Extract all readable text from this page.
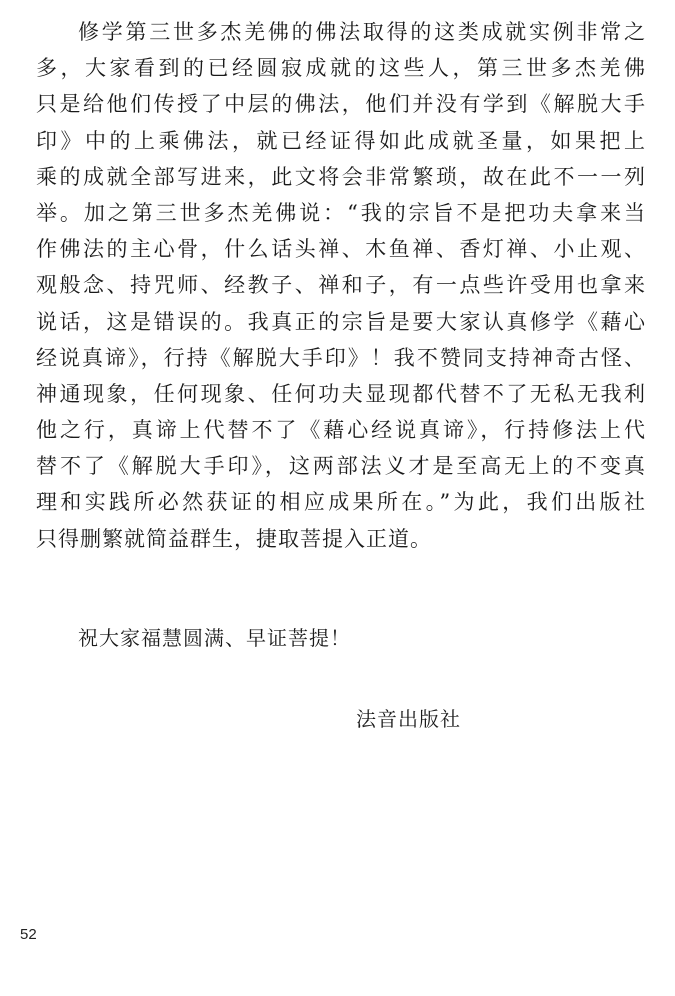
修学第三世多杰羌佛的佛法取得的这类成就实例非常之
多，大家看到的已经圆寂成就的这些人，第三世多杰羌佛
只是给他们传授了中层的佛法，他们并没有学到《解脱大手
印》中的上乘佛法，就已经证得如此成就圣量，如果把上
乘的成就全部写进来，此文将会非常繁琐，故在此不一一列
举。加之第三世多杰羌佛说：“我的宗旨不是把功夫拿来当
作佛法的主心骨，什么话头禅、木鱼禅、香灯禅、小止观、
观般念、持咒师、经教子、禅和子，有一点些许受用也拿来
说话，这是错误的。我真正的宗旨是要大家认真修学《藉心
经说真谛》，行持《解脱大手印》！我不赞同支持神奇古怪、
神通现象，任何现象、任何功夫显现都代替不了无私无我利
他之行，真谛上代替不了《藉心经说真谛》，行持修法上代
替不了《解脱大手印》，这两部法义才是至高无上的不变真
理和实践所必然获证的相应成果所在。”为此，我们出版社
只得删繁就简益群生，捷取菩提入正道。
祝大家福慧圆满、早证菩提！
法音出版社
52
